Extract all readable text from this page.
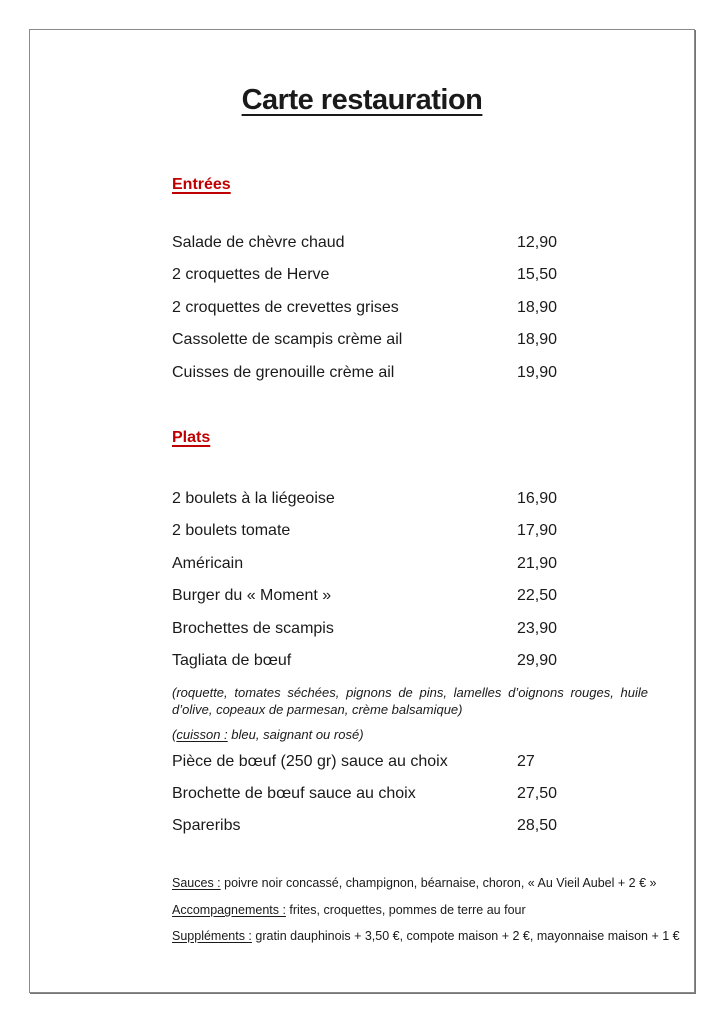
Carte restauration
Entrées
Salade de chèvre chaud	12,90
2 croquettes de Herve	15,50
2 croquettes de crevettes grises	18,90
Cassolette de scampis crème ail	18,90
Cuisses de grenouille crème ail	19,90
Plats
2 boulets à la liégeoise	16,90
2 boulets tomate	17,90
Américain	21,90
Burger du « Moment »	22,50
Brochettes de scampis	23,90
Tagliata de bœuf	29,90
(roquette, tomates séchées, pignons de pins, lamelles d’oignons rouges, huile d’olive, copeaux de parmesan, crème balsamique)
(cuisson : bleu, saignant ou rosé)
Pièce de bœuf (250 gr) sauce au choix	27
Brochette de bœuf sauce au choix	27,50
Spareribs	28,50
Sauces : poivre noir concassé, champignon, béarnaise, choron, « Au Vieil Aubel + 2 € »
Accompagnements : frites, croquettes, pommes de terre au four
Suppléments : gratin dauphinois + 3,50 €, compote maison + 2 €, mayonnaise maison + 1 €
